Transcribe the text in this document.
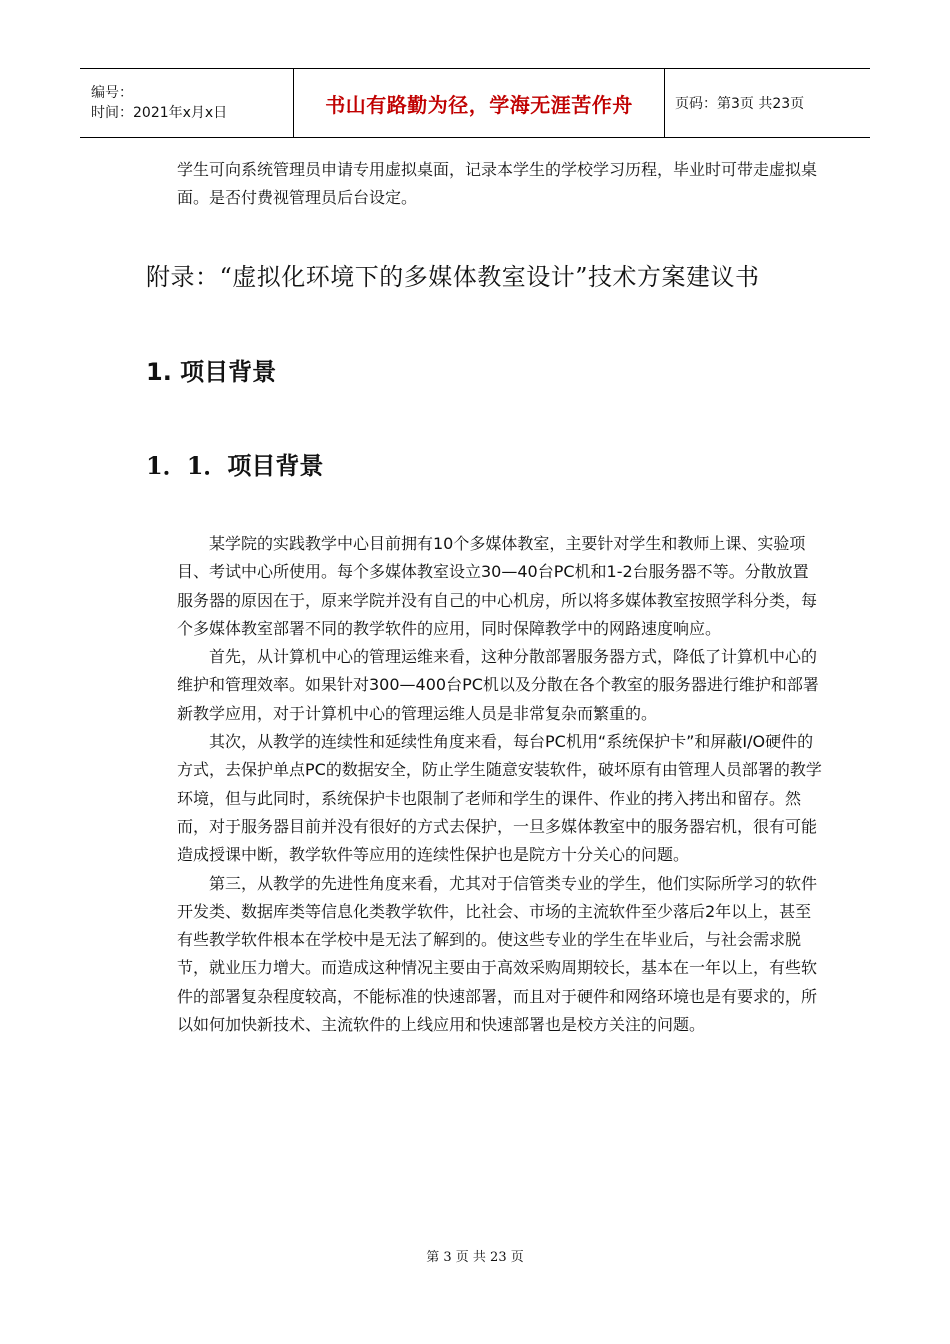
编号：
时间：2021年x月x日	书山有路勤为径，学海无涯苦作舟	页码：第3页 共23页
学生可向系统管理员申请专用虚拟桌面，记录本学生的学校学习历程，毕业时可带走虚拟桌面。是否付费视管理员后台设定。
附录：“虚拟化环境下的多媒体教室设计”技术方案建议书
1. 项目背景
1．1．项目背景

某学院的实践教学中心目前拥有10个多媒体教室，主要针对学生和教师上课、实验项目、考试中心所使用。每个多媒体教室设立30—40台PC机和1-2台服务器不等。分散放置服务器的原因在于，原来学院并没有自己的中心机房，所以将多媒体教室按照学科分类，每个多媒体教室部署不同的教学软件的应用，同时保障教学中的网路速度响应。

首先，从计算机中心的管理运维来看，这种分散部署服务器方式，降低了计算机中心的维护和管理效率。如果针对300—400台PC机以及分散在各个教室的服务器进行维护和部署新教学应用，对于计算机中心的管理运维人员是非常复杂而繁重的。

其次，从教学的连续性和延续性角度来看，每台PC机用“系统保护卡”和屏蔽I/O硬件的方式，去保护单点PC的数据安全，防止学生随意安装软件，破坏原有由管理人员部署的教学环境，但与此同时，系统保护卡也限制了老师和学生的课件、作业的拷入拷出和留存。然而，对于服务器目前并没有很好的方式去保护，一旦多媒体教室中的服务器宕机，很有可能造成授课中断，教学软件等应用的连续性保护也是院方十分关心的问题。

第三，从教学的先进性角度来看，尤其对于信管类专业的学生，他们实际所学习的软件开发类、数据库类等信息化类教学软件，比社会、市场的主流软件至少落后2年以上，甚至有些教学软件根本在学校中是无法了解到的。使这些专业的学生在毕业后，与社会需求脱节，就业压力增大。而造成这种情况主要由于高效采购周期较长，基本在一年以上，有些软件的部署复杂程度较高，不能标准的快速部署，而且对于硬件和网络环境也是有要求的，所以如何加快新技术、主流软件的上线应用和快速部署也是校方关注的问题。

第 3 页 共 23 页
